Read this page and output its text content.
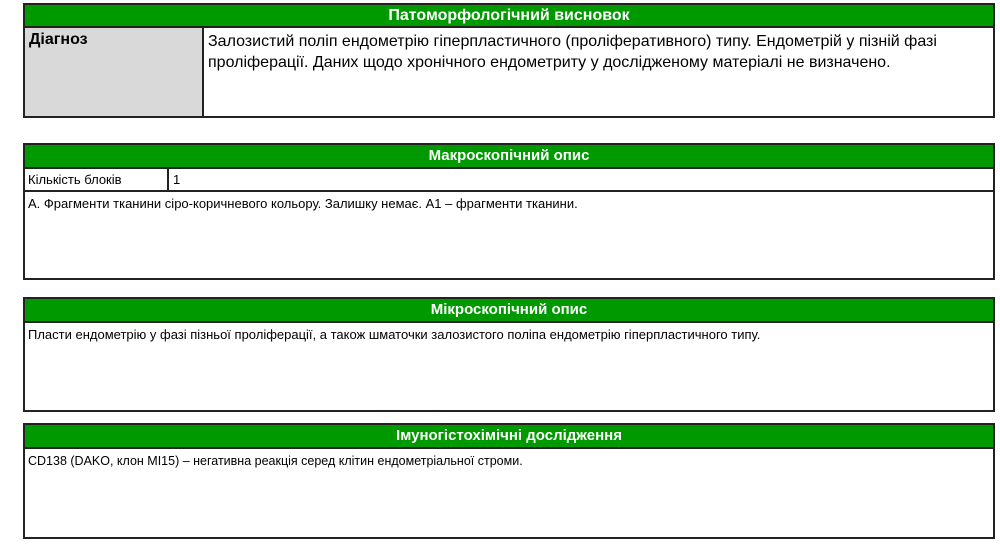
Патоморфологічний висновок
Діагноз	Залозистий поліп ендометрію гіперпластичного (проліферативного) типу. Ендометрій у пізній фазі проліферації. Даних щодо хронічного ендометриту у дослідженому матеріалі не визначено.
Макроскопічний опис
Кількість блоків	1
А. Фрагменти тканини сіро-коричневого кольору. Залишку немає. А1 – фрагменти тканини.
Мікроскопічний опис
Пласти ендометрію у фазі пізньої проліферації, а також шматочки залозистого поліпа ендометрію гіперпластичного типу.
Імуногістохімічні дослідження
CD138 (DAKO, клон MI15) – негативна реакція серед клітин ендометріальної строми.
